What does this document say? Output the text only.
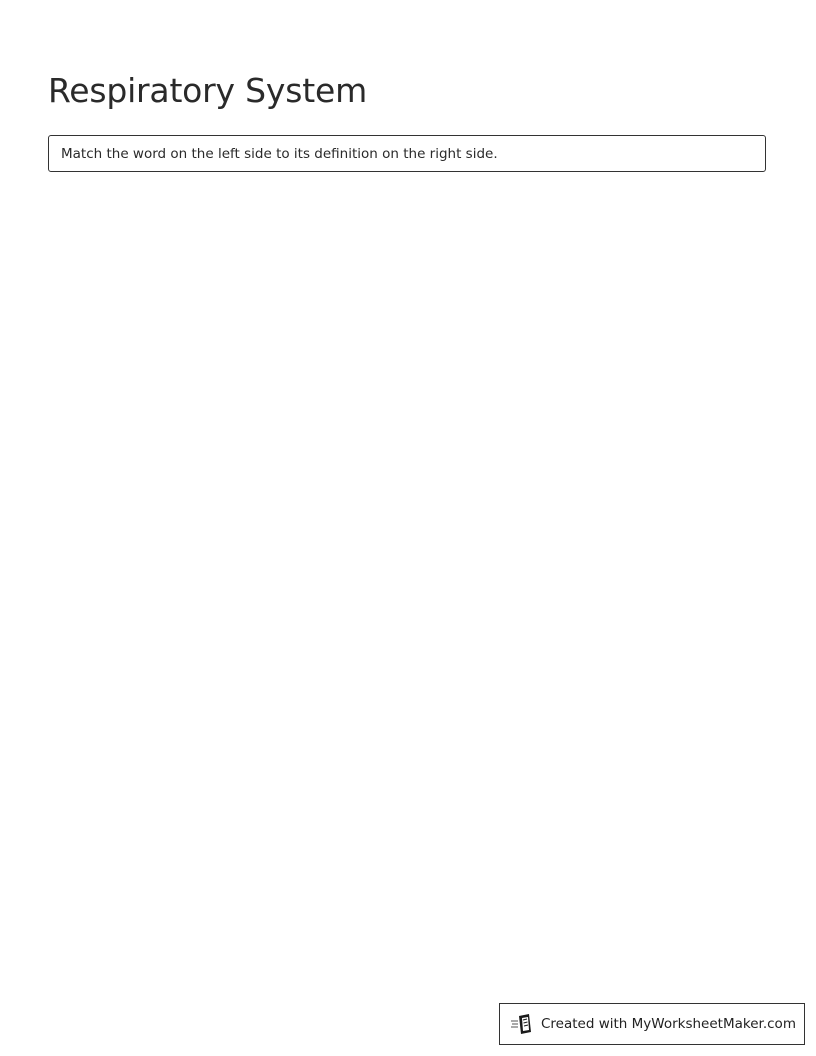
Respiratory System
Match the word on the left side to its definition on the right side.
Created with MyWorksheetMaker.com
